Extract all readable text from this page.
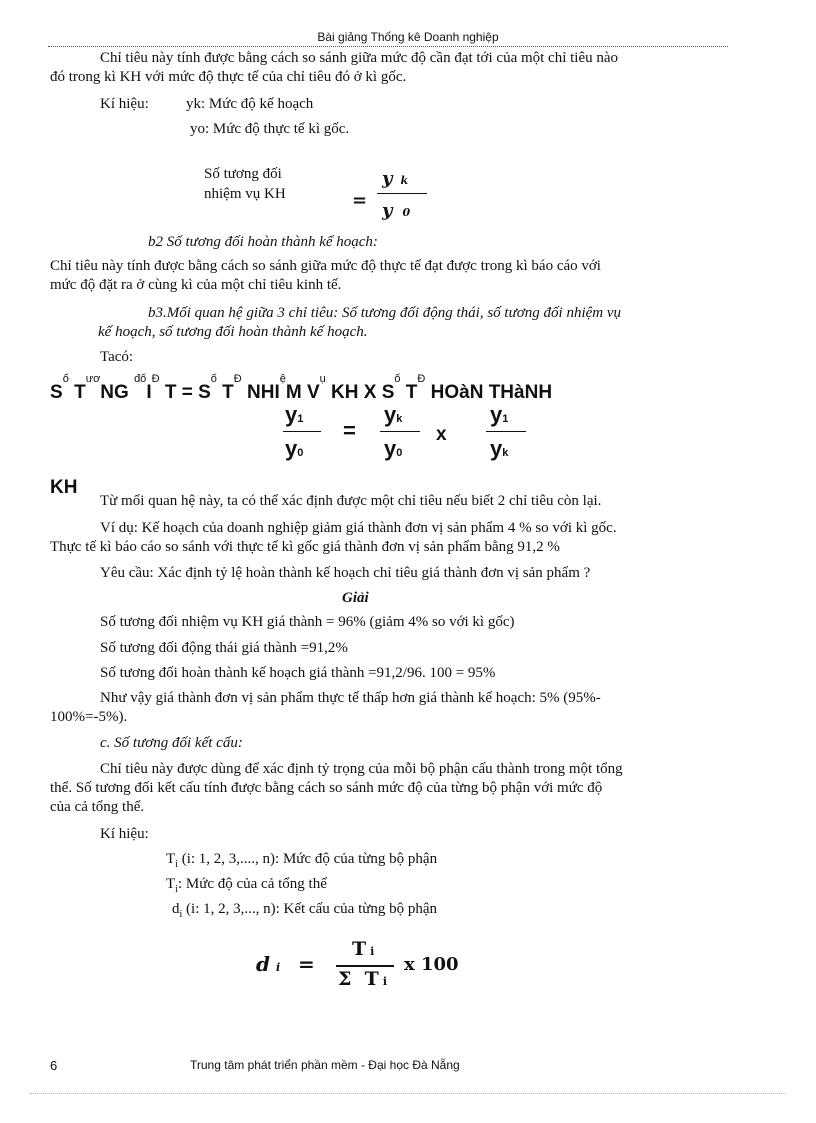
Bài giảng Thống kê Doanh nghiệp
Chỉ tiêu này tính được bằng cách so sánh giữa mức độ cần đạt tới của một chỉ tiêu nào
đó trong kì KH với mức độ thực tế của chỉ tiêu đó ở kì gốc.
Kí hiệu: yk: Mức độ kế hoạch
yo: Mức độ thực tế kì gốc.
Số tương đối
nhiệm vụ KH	=
yk
y 0
b2 Số tương đối hoàn thành kế hoạch:
Chỉ tiêu này tính được bằng cách so sánh giữa mức độ thực tế đạt được trong kì báo cáo với
mức độ đặt ra ở cùng kì của một chỉ tiêu kinh tế.
b3.Mối quan hệ giữa 3 chỉ tiêu: Số tương đối động thái, số tương đối nhiệm vụ
kế hoạch, số tương đối hoàn thành kế hoạch.
Tacó:
$S^ố$ $T^{ươ}NG$ $^{đố}I^Đ$ $T = S^ố$ $T^Đ$ $NHI^ệM$ $V^ụ$ KH X $S^ố$ $T^Đ$ HOàN THàNH
y1
y0
=
yk
y0
x
y1
yk
KH
Từ mối quan hệ này, ta có thể xác định được một chỉ tiêu nếu biết 2 chỉ tiêu còn lại.
Ví dụ: Kế hoạch của doanh nghiệp giảm giá thành đơn vị sản phẩm 4 % so với kì gốc.
Thực tế kì báo cáo so sánh với thực tế kì gốc giá thành đơn vị sản phẩm bằng 91,2 %
Yêu cầu: Xác định tỷ lệ hoàn thành kế hoạch chỉ tiêu giá thành đơn vị sản phẩm ?
Giải
Số tương đối nhiệm vụ KH giá thành = 96% (giảm 4% so với kì gốc)
Số tương đối động thái giá thành =91,2%
Số tương đối hoàn thành kế hoạch giá thành =91,2/96. 100 = 95%
Như vậy giá thành đơn vị sản phẩm thực tế thấp hơn giá thành kế hoạch: 5% (95%-
100%=-5%).
c. Số tương đối kết cấu:
Chỉ tiêu này được dùng để xác định tỷ trọng của mỗi bộ phận cấu thành trong một tổng
thể. Số tương đối kết cấu tính được bằng cách so sánh mức độ của từng bộ phận với mức độ
của cả tổng thể.
Kí hiệu:
$T_i$ (i: 1, 2, 3,...., n): Mức độ của từng bộ phận
$T_i$: Mức độ của cả tổng thể
$d_i$ (i: 1, 2, 3,..., n): Kết cấu của từng bộ phận
di =
Ti
Σ T i
x 100
6	Trung tâm phát triển phần mềm - Đại học Đà Nẵng
